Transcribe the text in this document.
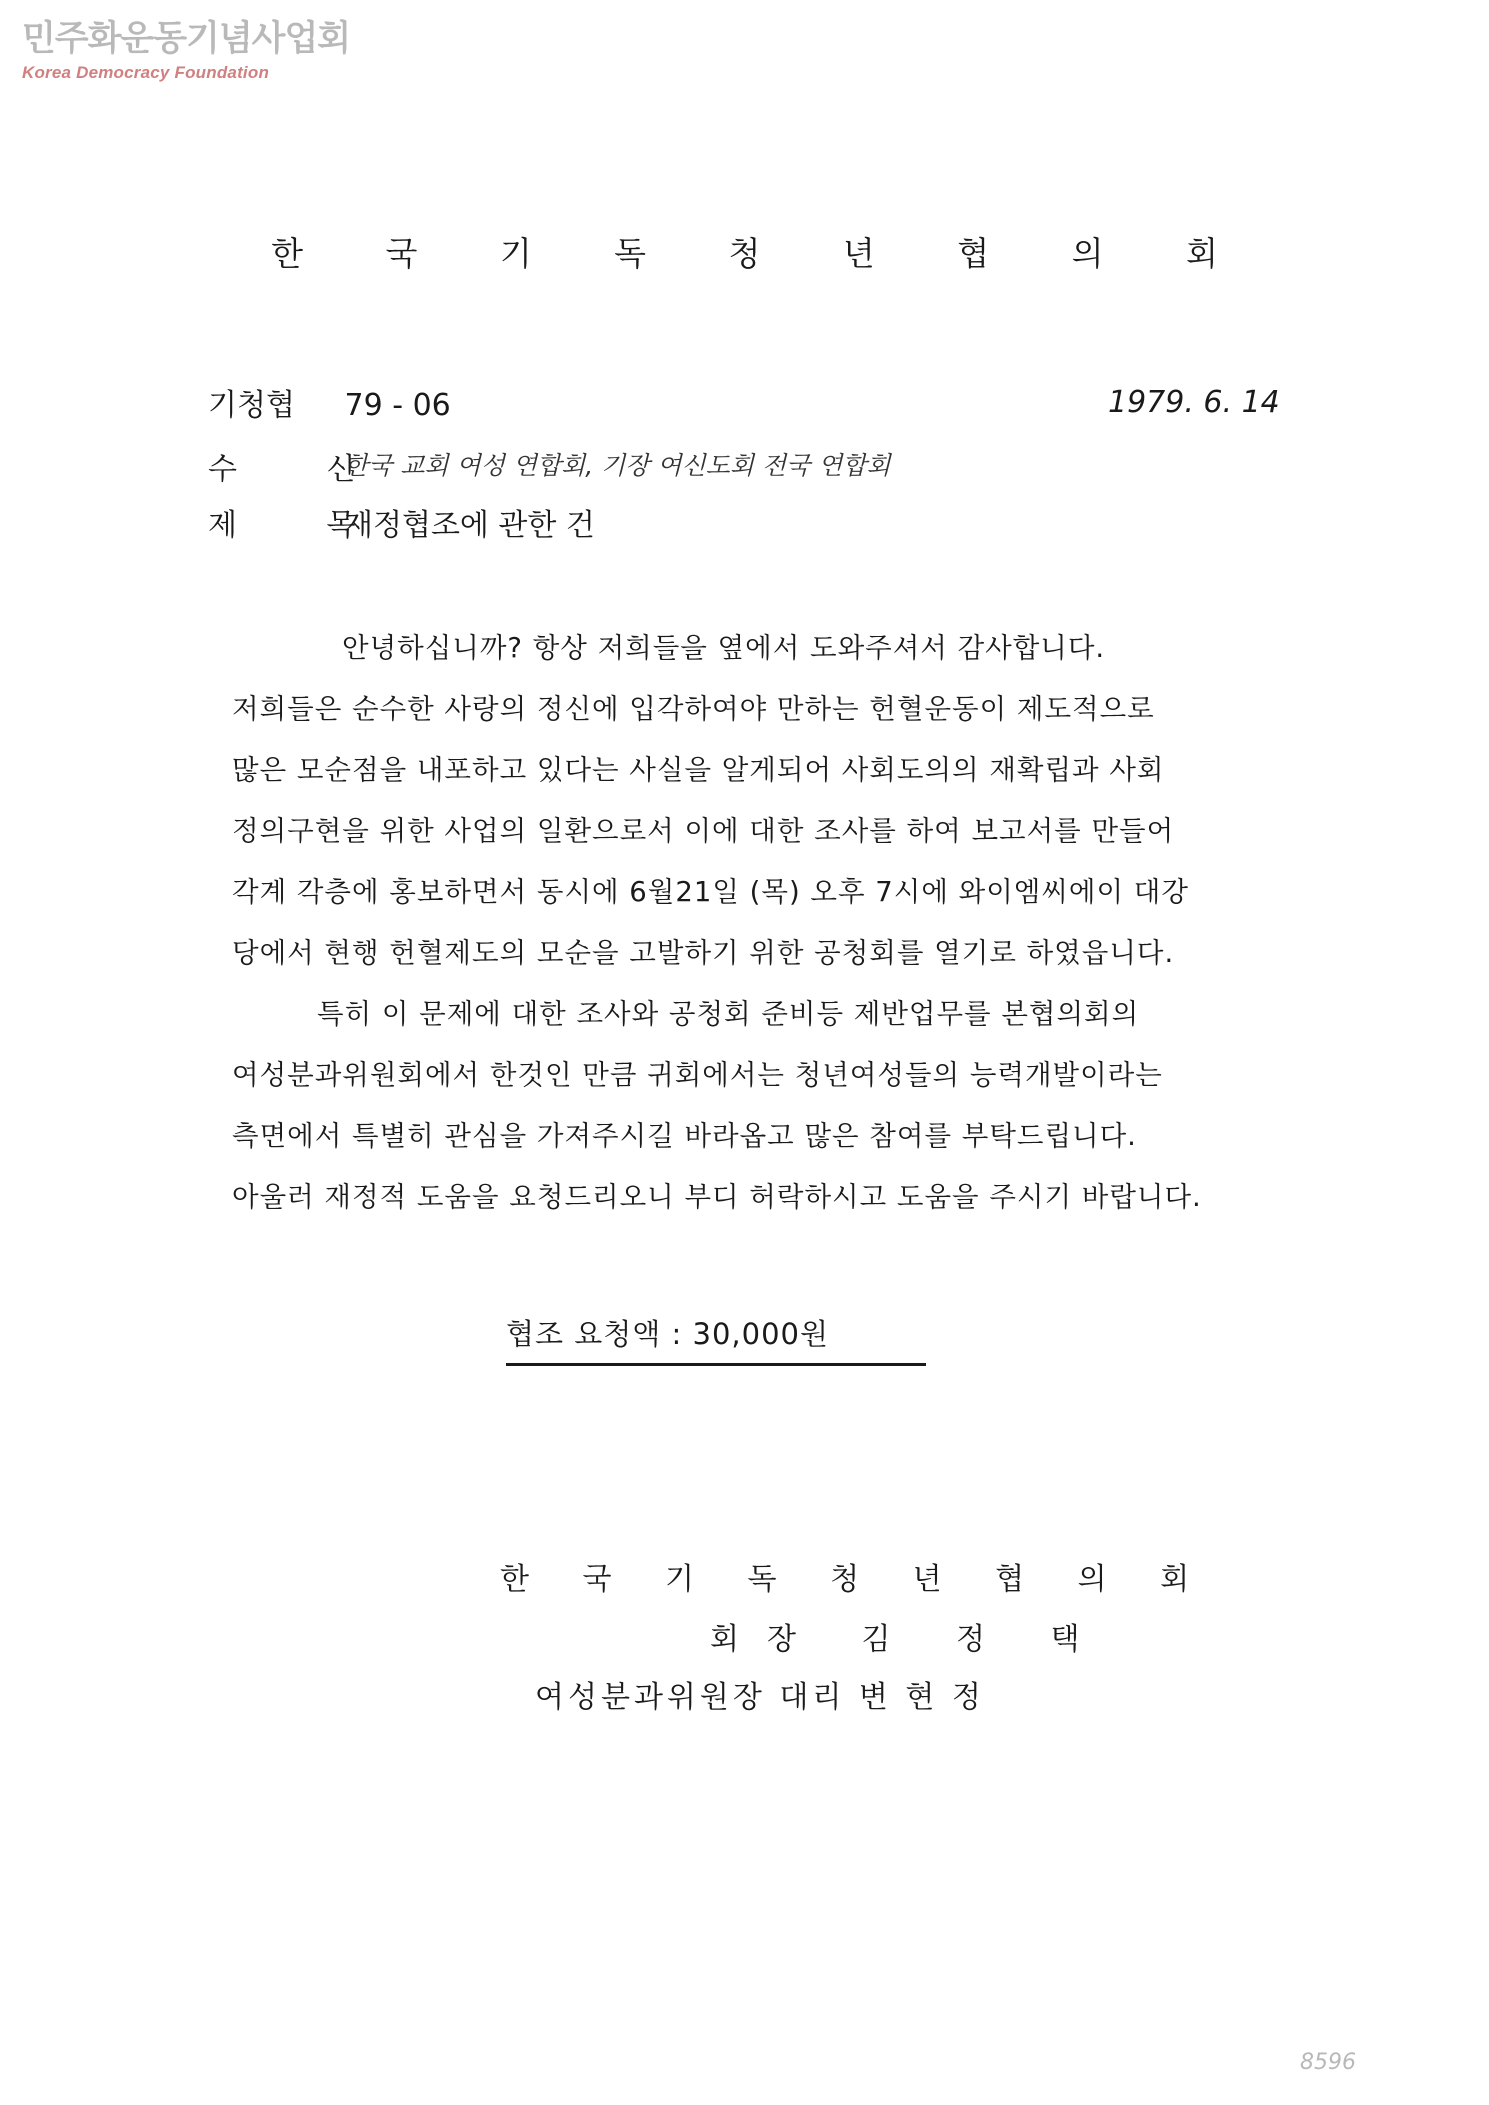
민주화운동기념사업회
Korea Democracy Foundation
한 국 기 독 청 년 협 의 회
기청협 79 - 06	1979. 6. 14
수 신
한국 교회 여성 연합회, 기장 여신도회 전국 연합회
제 목
재정협조에 관한 건
안녕하십니까? 항상 저희들을 옆에서 도와주셔서 감사합니다.
저희들은 순수한 사랑의 정신에 입각하여야 만하는 헌혈운동이 제도적으로
많은 모순점을 내포하고 있다는 사실을 알게되어 사회도의의 재확립과 사회
정의구현을 위한 사업의 일환으로서 이에 대한 조사를 하여 보고서를 만들어
각계 각층에 홍보하면서 동시에 6월21일 (목) 오후 7시에 와이엠씨에이 대강
당에서 현행 헌혈제도의 모순을 고발하기 위한 공청회를 열기로 하였읍니다.
특히 이 문제에 대한 조사와 공청회 준비등 제반업무를 본협의회의
여성분과위원회에서 한것인 만큼 귀회에서는 청년여성들의 능력개발이라는
측면에서 특별히 관심을 가져주시길 바라옵고 많은 참여를 부탁드립니다.
아울러 재정적 도움을 요청드리오니 부디 허락하시고 도움을 주시기 바랍니다.
협조 요청액 : 30,000원
한 국 기 독 청 년 협 의 회
회장 김 정 택
여성분과위원장 대리 변 현 정
8596
